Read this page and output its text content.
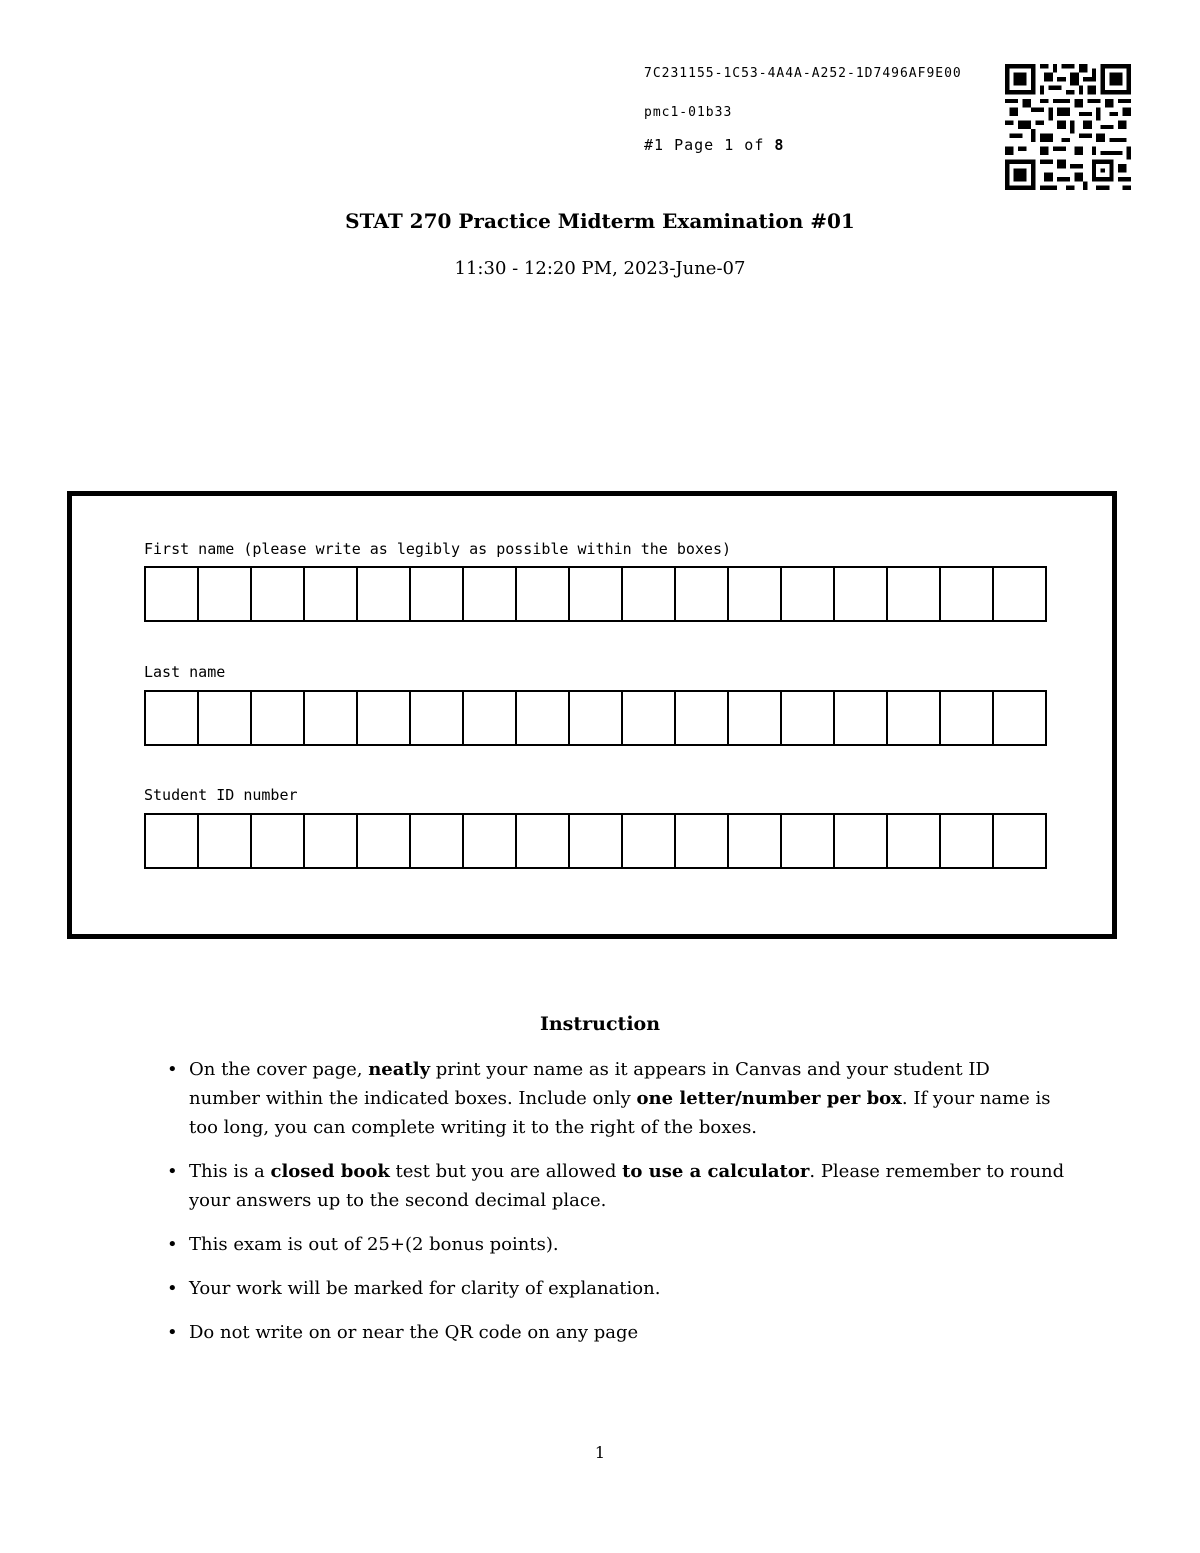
7C231155-1C53-4A4A-A252-1D7496AF9E00
pmc1-01b33
#1 Page 1 of 8
STAT 270 Practice Midterm Examination #01
11:30 - 12:20 PM, 2023-June-07
First name (please write as legibly as possible within the boxes)
Last name
Student ID number
Instruction
• On the cover page, neatly print your name as it appears in Canvas and your student ID number within the indicated boxes. Include only one letter/number per box. If your name is too long, you can complete writing it to the right of the boxes.
• This is a closed book test but you are allowed to use a calculator. Please remember to round your answers up to the second decimal place.
• This exam is out of 25+(2 bonus points).
• Your work will be marked for clarity of explanation.
• Do not write on or near the QR code on any page
1
